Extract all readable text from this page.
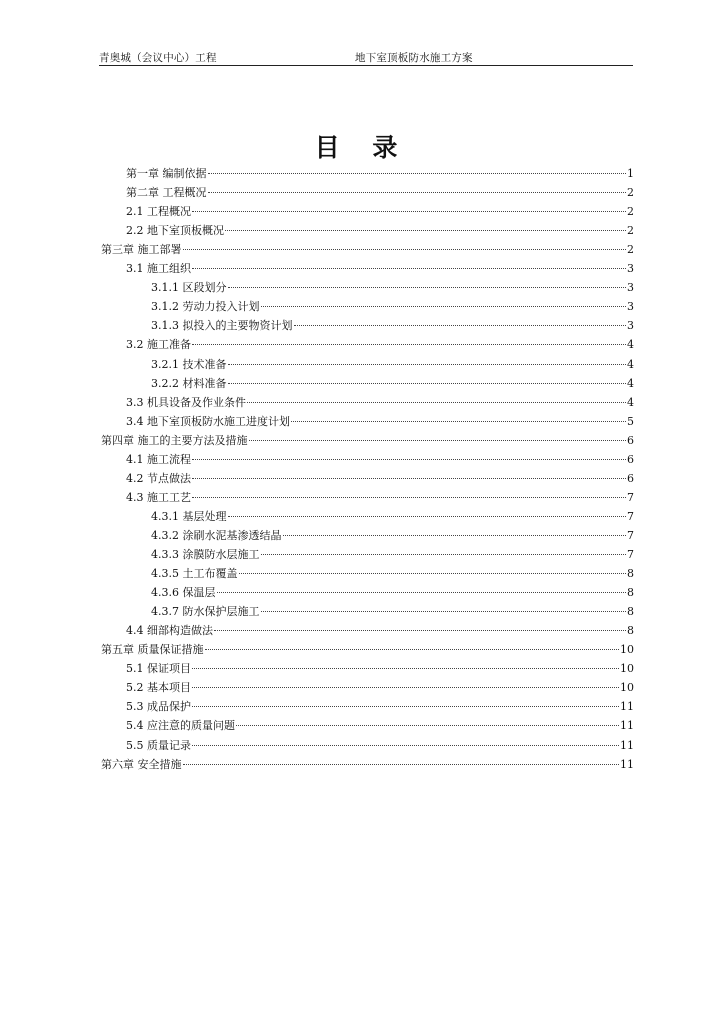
青奥城（会议中心）工程	地下室顶板防水施工方案
目 录
第一章 编制依据	1
第二章 工程概况	2
2.1 工程概况	2
2.2 地下室顶板概况	2
第三章 施工部署	2
3.1 施工组织	3
3.1.1 区段划分	3
3.1.2 劳动力投入计划	3
3.1.3 拟投入的主要物资计划	3
3.2 施工准备	4
3.2.1 技术准备	4
3.2.2 材料准备	4
3.3 机具设备及作业条件	4
3.4 地下室顶板防水施工进度计划	5
第四章 施工的主要方法及措施	6
4.1 施工流程	6
4.2 节点做法	6
4.3 施工工艺	7
4.3.1 基层处理	7
4.3.2 涂刷水泥基渗透结晶	7
4.3.3 涂膜防水层施工	7
4.3.5 土工布覆盖	8
4.3.6 保温层	8
4.3.7 防水保护层施工	8
4.4 细部构造做法	8
第五章 质量保证措施	10
5.1 保证项目	10
5.2 基本项目	10
5.3 成品保护	11
5.4 应注意的质量问题	11
5.5 质量记录	11
第六章 安全措施	11
